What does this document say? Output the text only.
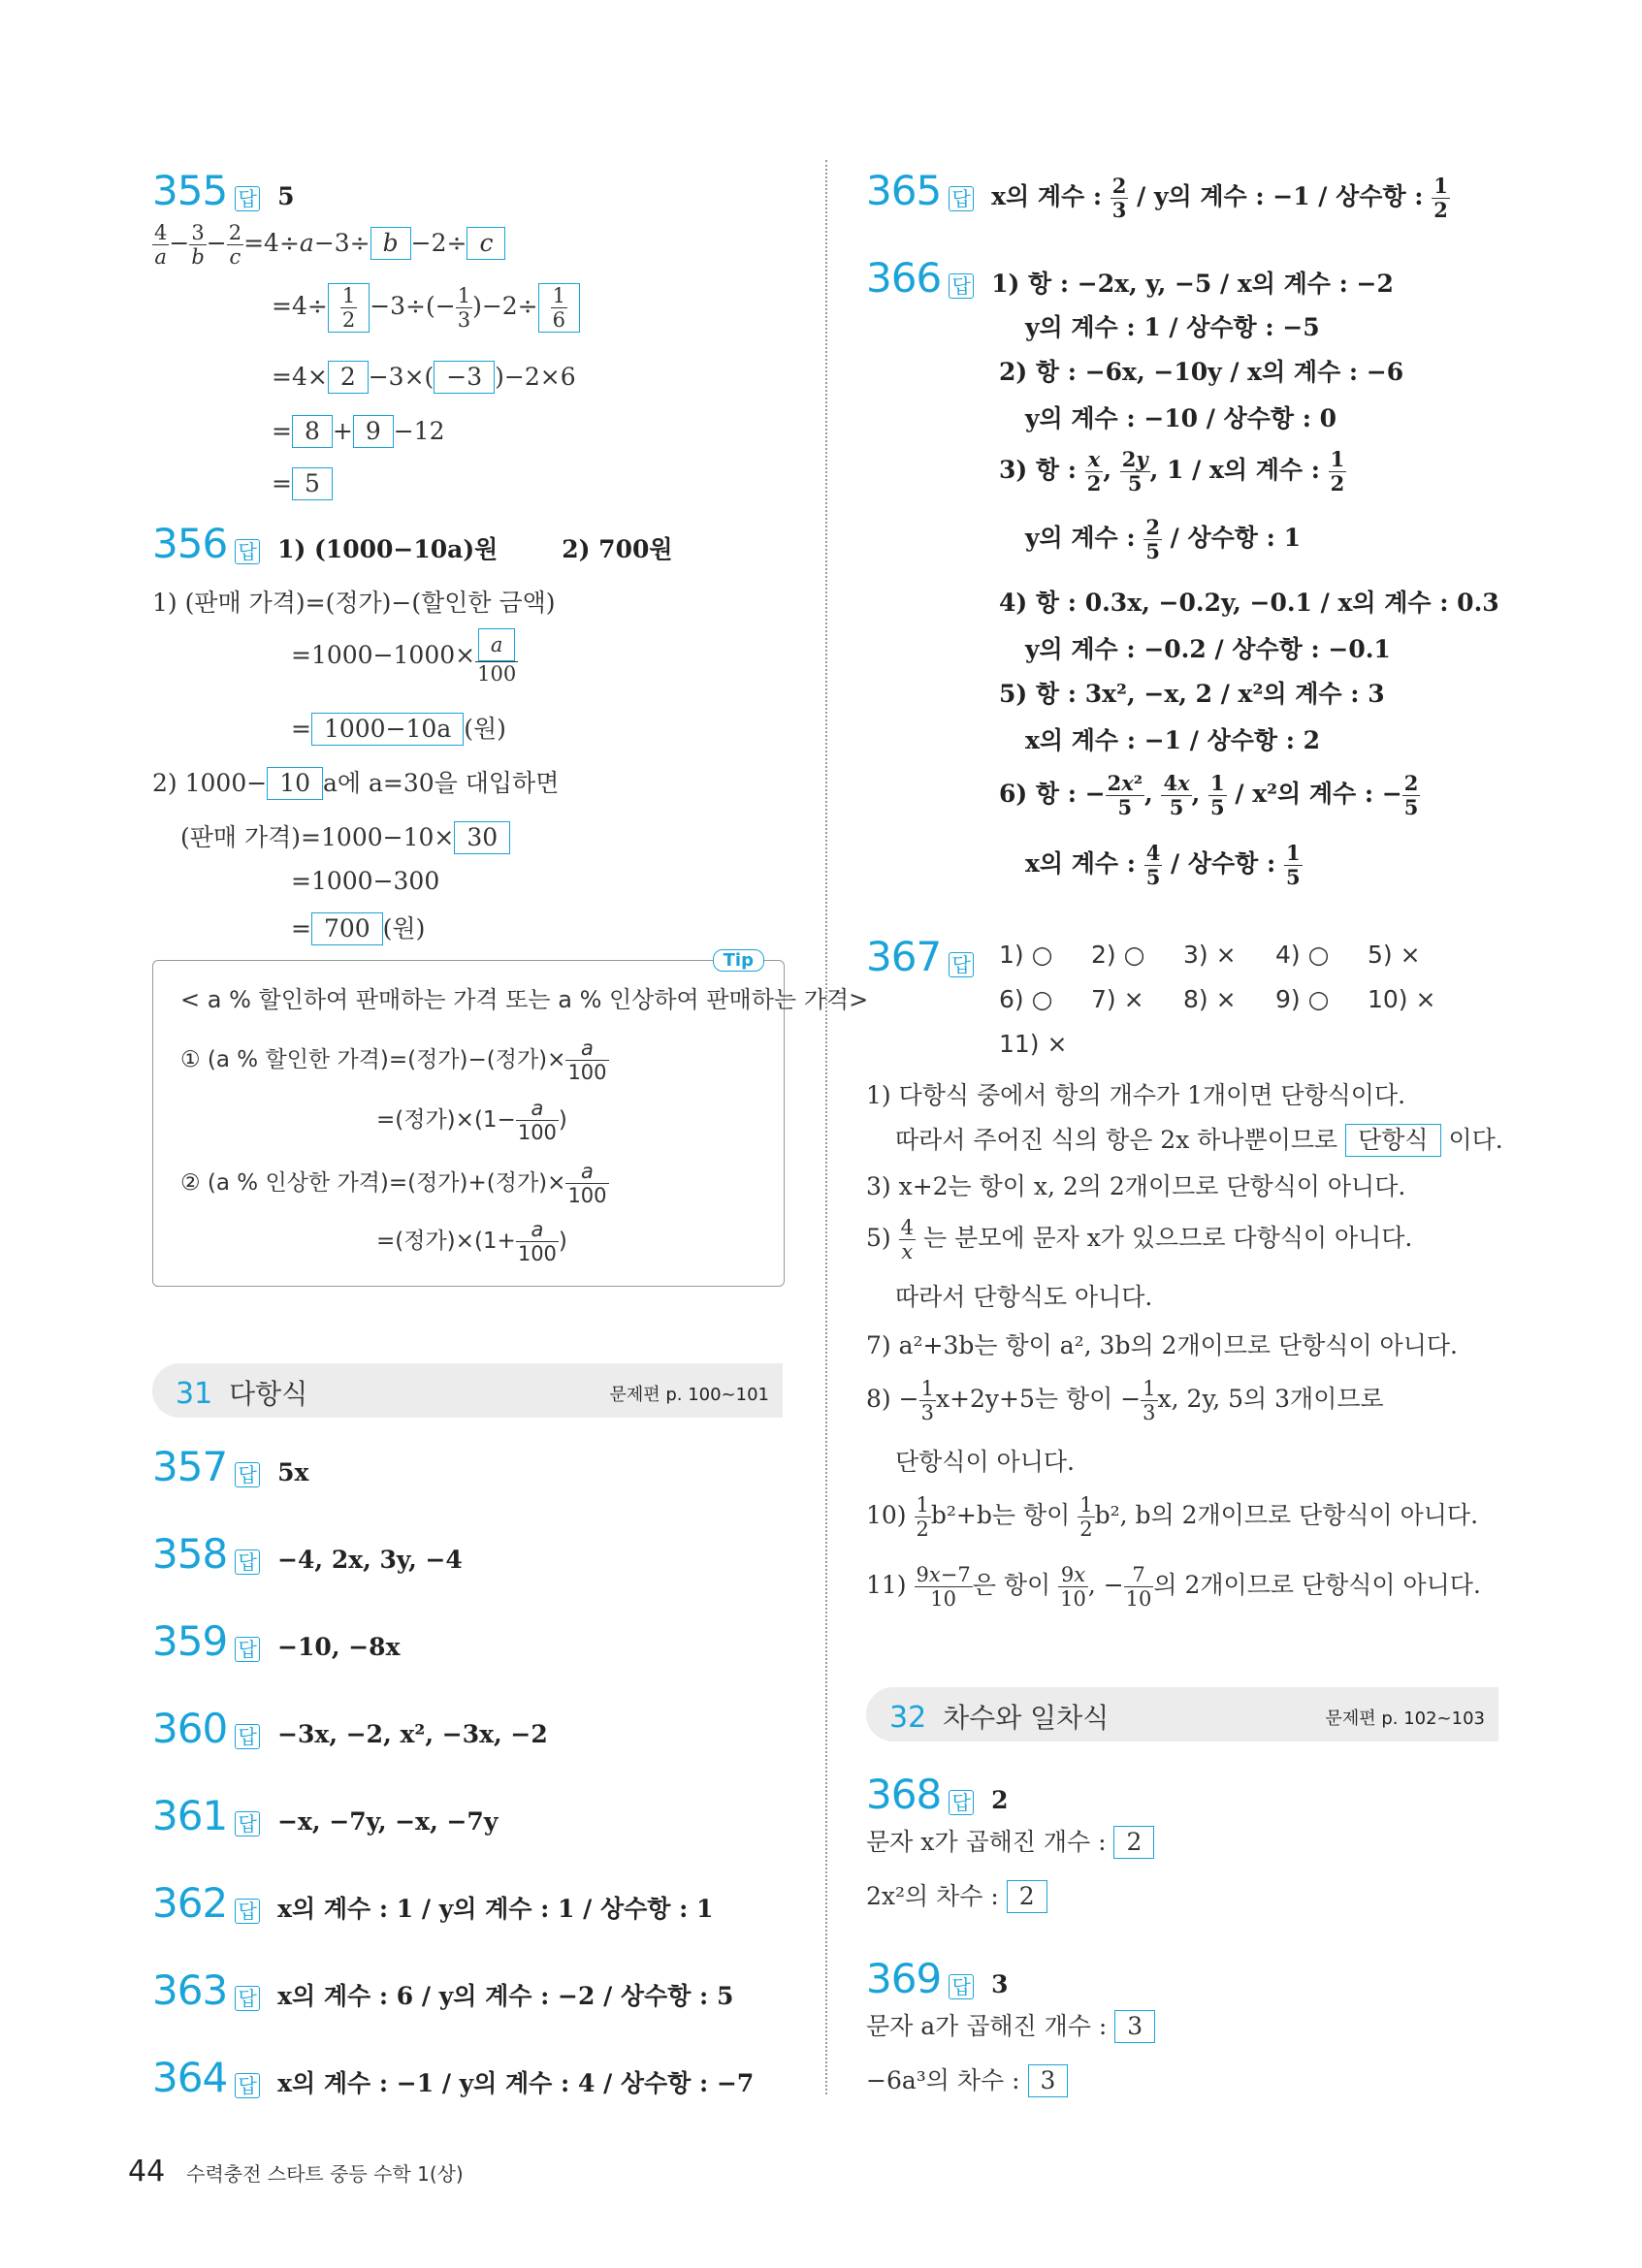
355 답 5
$\frac{4}{a} - \frac{3}{b} - \frac{2}{c} =4\div a-3\div b -2\div c$
$=4\div \frac{1}{2} -3\div(- \frac{1}{3} )-2\div \frac{1}{6}$
=4× 2 −3×( −3 )−2×6
= 8 + 9 −12
= 5
356 답 1) (1000−10a)원	2) 700원
1) (판매 가격)=(정가)−(할인한 금액)
$=1000-1000\times \frac{a}{100}$
= 1000−10a (원)
2) 1000− 10 a에 a=30을 대입하면
(판매 가격)=1000−10× 30
=1000−300
= 700 (원)
Tip
< a % 할인하여 판매하는 가격 또는 a % 인상하여 판매하는 가격>
① (a % 할인한 가격)=(정가)−(정가)× $\frac{a}{100}$
=(정가)$\times(1- \frac{a}{100}$ )
② (a % 인상한 가격)=(정가)+(정가)× $\frac{a}{100}$
=(정가)$\times(1+ \frac{a}{100}$ )
31 다항식	문제편 p. 100~101
357 답 5x
358 답 −4, 2x, 3y, −4
359 답 −10, −8x
360 답 −3x, −2, x², −3x, −2
361 답 −x, −7y, −x, −7y
362 답 x의 계수 : 1 / y의 계수 : 1 / 상수항 : 1
363 답 x의 계수 : 6 / y의 계수 : −2 / 상수항 : 5
364 답 x의 계수 : −1 / y의 계수 : 4 / 상수항 : −7
365 답 x의 계수 : $\frac{2}{3}$ / y의 계수 : −1 / 상수항 : $\frac{1}{2}$
366 답 1) 항 : −2x, y, −5 / x의 계수 : −2
y의 계수 : 1 / 상수항 : −5
2) 항 : −6x, −10y / x의 계수 : −6
y의 계수 : −10 / 상수항 : 0
3) 항 : $\frac{x}{2}$ , $\frac{2y}{5}$ , 1 / x의 계수 : $\frac{1}{2}$
y의 계수 : $\frac{2}{5}$ / 상수항 : 1
4) 항 : 0.3x, −0.2y, −0.1 / x의 계수 : 0.3
y의 계수 : −0.2 / 상수항 : −0.1
5) 항 : 3x², −x, 2 / x²의 계수 : 3
x의 계수 : −1 / 상수항 : 2
6) 항 : − $\frac{\text{2x²}}{5}$ , $\frac{4x}{5}$ , $\frac{1}{5} / x^2$의 계수 : − $\frac{2}{5}$
x의 계수 : $\frac{4}{5}$ / 상수항 : $\frac{1}{5}$
367 답	1) ○ 2) ○ 3) × 4) ○ 5) ×
6) ○ 7) × 8) × 9) ○ 10) ×
11) ×
1) 다항식 중에서 항의 개수가 1개이면 단항식이다.
따라서 주어진 식의 항은 2x 하나뿐이므로 단항식 이다.
3) x+2는 항이 x, 2의 2개이므로 단항식이 아니다.
$5) \frac{4}{x}$ 는 분모에 문자 x가 있으므로 다항식이 아니다.
따라서 단항식도 아니다.
7) a²+3b는 항이 a², 3b의 2개이므로 단항식이 아니다.
$8) - \frac{1}{3} x+2y+5$는 항이 − $\frac{1}{3} x$, 2y, 5의 3개이므로
단항식이 아니다.
$10) \frac{1}{2} b^2+b$는 항이 $\frac{1}{2} b^2$, b의 2개이므로 단항식이 아니다.
$11) \frac{9x-7}{10}$ 은 항이 $\frac{9x}{10}$ , − $\frac{7}{10}$ 의 2개이므로 단항식이 아니다.
32 차수와 일차식	문제편 p. 102~103
368 답 2
문자 x가 곱해진 개수 : 2
2x²의 차수 : 2
369 답 3
문자 a가 곱해진 개수 : 3
−6a³의 차수 : 3
44 수력충전 스타트 중등 수학 1(상)
